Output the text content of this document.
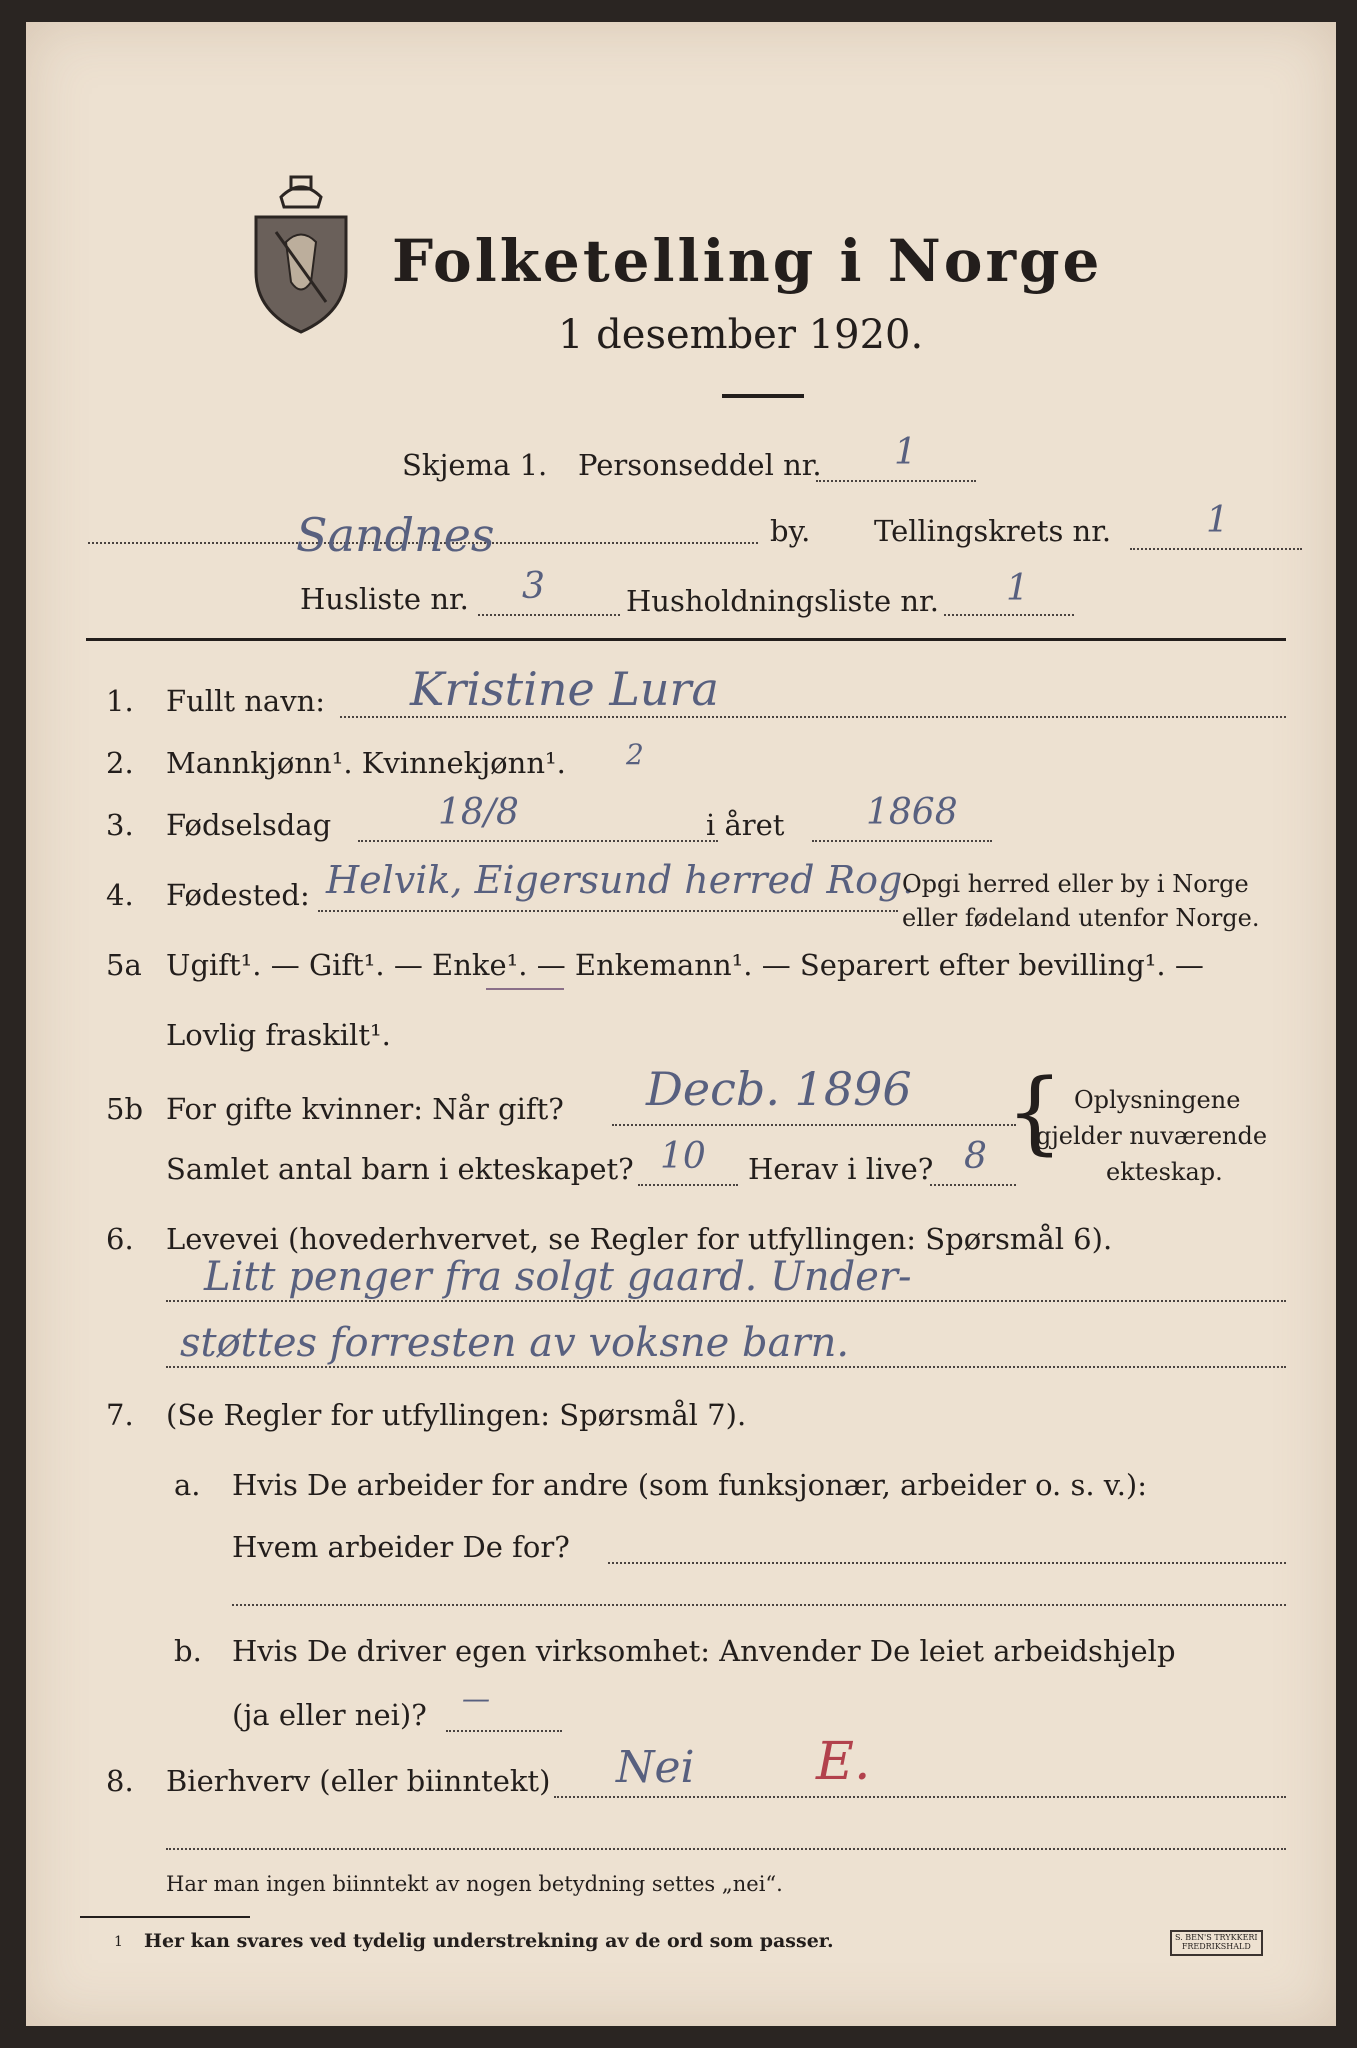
Folketelling i Norge
1 desember 1920.
Skjema 1. Personseddel nr. 1
Sandnes	by. Tellingskrets nr.	1
Husliste nr. 3	Husholdningsliste nr. 1
1. Fullt navn: Kristine Lura
2. Mannkjønn¹. Kvinnekjønn¹. 2
3. Fødselsdag	18/8	i året 1868
4. Fødested: Helvik, Eigersund herred Rog.
Opgi herred eller by i Norge
eller fødeland utenfor Norge.
5a Ugift¹. — Gift¹. — Enke¹. — Enkemann¹. — Separert efter bevilling¹. —
Lovlig fraskilt¹.
5b For gifte kvinner: Når gift? Decb. 1896
Samlet antal barn i ekteskapet? 10 Herav i live? 8 { Oplysningene
gjelder nuværende
ekteskap.
6. Levevei (hovederhvervet, se Regler for utfyllingen: Spørsmål 6).
Litt penger fra solgt gaard. Under-
støttes forresten av voksne barn.
7. (Se Regler for utfyllingen: Spørsmål 7).
a. Hvis De arbeider for andre (som funksjonær, arbeider o. s. v.):
Hvem arbeider De for?
b. Hvis De driver egen virksomhet: Anvender De leiet arbeidshjelp
(ja eller nei)? —
8. Bierhverv (eller biinntekt) Nei E.
Har man ingen biinntekt av nogen betydning settes „nei“.
1 Her kan svares ved tydelig understrekning av de ord som passer.	S. BEN'S TRYKKERI
FREDRIKSHALD
